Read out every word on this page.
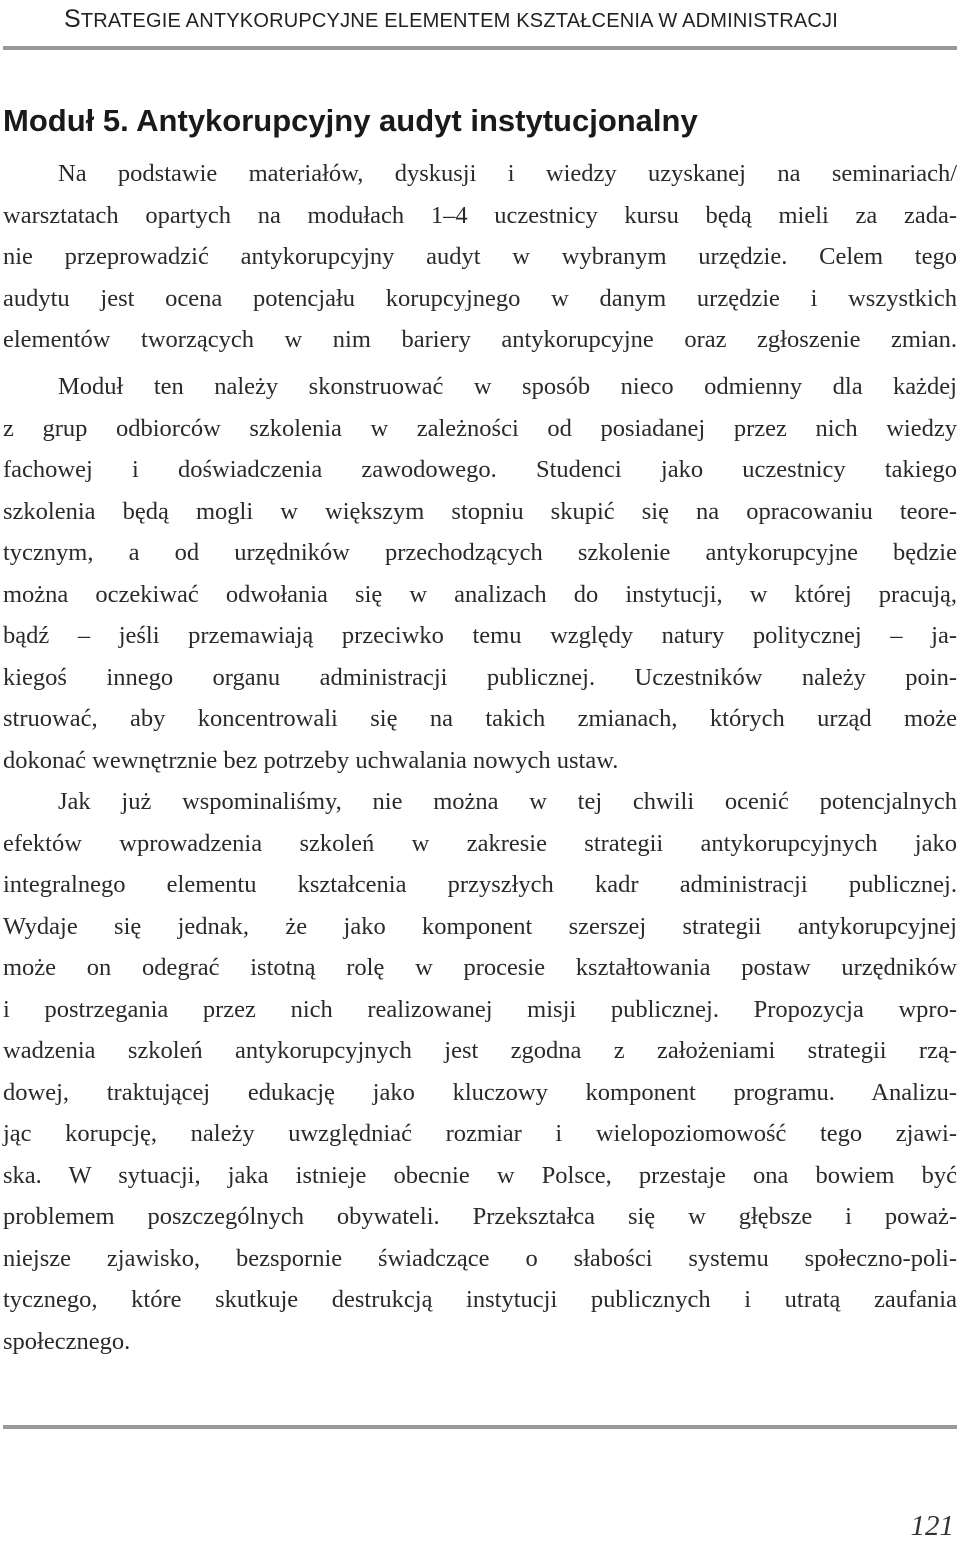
STRATEGIE ANTYKORUPCYJNE ELEMENTEM KSZTAŁCENIA W ADMINISTRACJI
Moduł 5. Antykorupcyjny audyt instytucjonalny
Na podstawie materiałów, dyskusji i wiedzy uzyskanej na seminariach/
warsztatach opartych na modułach 1–4 uczestnicy kursu będą mieli za zada-
nie przeprowadzić antykorupcyjny audyt w wybranym urzędzie. Celem tego
audytu jest ocena potencjału korupcyjnego w danym urzędzie i wszystkich
elementów tworzących w nim bariery antykorupcyjne oraz zgłoszenie zmian.
Moduł ten należy skonstruować w sposób nieco odmienny dla każdej
z grup odbiorców szkolenia w zależności od posiadanej przez nich wiedzy
fachowej i doświadczenia zawodowego. Studenci jako uczestnicy takiego
szkolenia będą mogli w większym stopniu skupić się na opracowaniu teore-
tycznym, a od urzędników przechodzących szkolenie antykorupcyjne będzie
można oczekiwać odwołania się w analizach do instytucji, w której pracują,
bądź – jeśli przemawiają przeciwko temu względy natury politycznej – ja-
kiegoś innego organu administracji publicznej. Uczestników należy poin-
struować, aby koncentrowali się na takich zmianach, których urząd może
dokonać wewnętrznie bez potrzeby uchwalania nowych ustaw.
Jak już wspominaliśmy, nie można w tej chwili ocenić potencjalnych
efektów wprowadzenia szkoleń w zakresie strategii antykorupcyjnych jako
integralnego elementu kształcenia przyszłych kadr administracji publicznej.
Wydaje się jednak, że jako komponent szerszej strategii antykorupcyjnej
może on odegrać istotną rolę w procesie kształtowania postaw urzędników
i postrzegania przez nich realizowanej misji publicznej. Propozycja wpro-
wadzenia szkoleń antykorupcyjnych jest zgodna z założeniami strategii rzą-
dowej, traktującej edukację jako kluczowy komponent programu. Analizu-
jąc korupcję, należy uwzględniać rozmiar i wielopoziomowość tego zjawi-
ska. W sytuacji, jaka istnieje obecnie w Polsce, przestaje ona bowiem być
problemem poszczególnych obywateli. Przekształca się w głębsze i poważ-
niejsze zjawisko, bezspornie świadczące o słabości systemu społeczno-poli-
tycznego, które skutkuje destrukcją instytucji publicznych i utratą zaufania
społecznego.
121
